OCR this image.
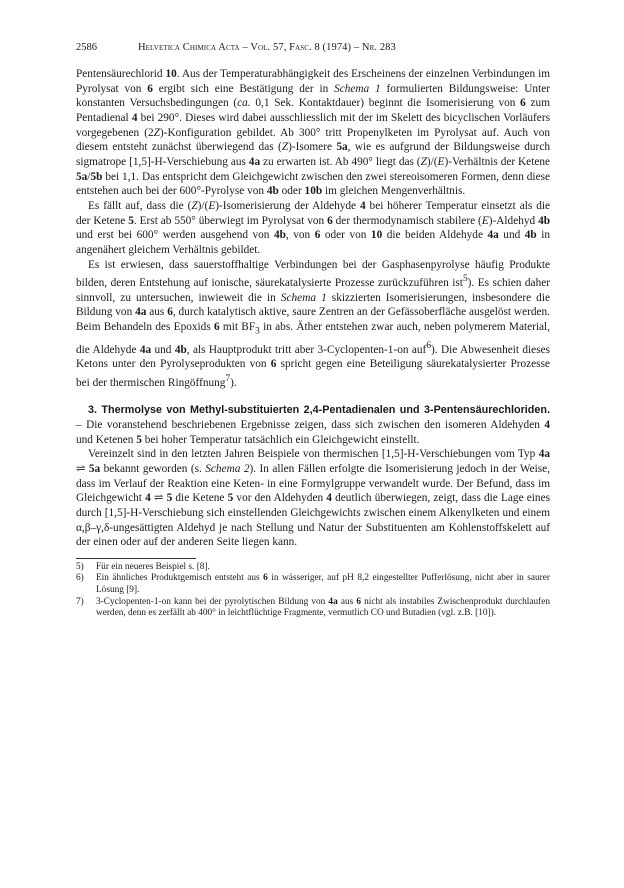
2586	Helvetica Chimica Acta – Vol. 57, Fasc. 8 (1974) – Nr. 283

Pentensäurechlorid 10. Aus der Temperaturabhängigkeit des Erscheinens der einzelnen Verbindungen im Pyrolysat von 6 ergibt sich eine Bestätigung der in Schema 1 formulierten Bildungsweise: Unter konstanten Versuchsbedingungen (ca. 0,1 Sek. Kontaktdauer) beginnt die Isomerisierung von 6 zum Pentadienal 4 bei 290°. Dieses wird dabei ausschliesslich mit der im Skelett des bicyclischen Vorläufers vorgegebenen (2Z)-Konfiguration gebildet. Ab 300° tritt Propenylketen im Pyrolysat auf. Auch von diesem entsteht zunächst überwiegend das (Z)-Isomere 5a, wie es aufgrund der Bildungsweise durch sigmatrope [1,5]-H-Verschiebung aus 4a zu erwarten ist. Ab 490° liegt das (Z)/(E)-Verhältnis der Ketene 5a/5b bei 1,1. Das entspricht dem Gleichgewicht zwischen den zwei stereoisomeren Formen, denn diese entstehen auch bei der 600°-Pyrolyse von 4b oder 10b im gleichen Mengenverhältnis.

Es fällt auf, dass die (Z)/(E)-Isomerisierung der Aldehyde 4 bei höherer Temperatur einsetzt als die der Ketene 5. Erst ab 550° überwiegt im Pyrolysat von 6 der thermodynamisch stabilere (E)-Aldehyd 4b und erst bei 600° werden ausgehend von 4b, von 6 oder von 10 die beiden Aldehyde 4a und 4b in angenähert gleichem Verhältnis gebildet.

Es ist erwiesen, dass sauerstoffhaltige Verbindungen bei der Gasphasenpyrolyse häufig Produkte bilden, deren Entstehung auf ionische, säurekatalysierte Prozesse zurückzuführen ist$^5$). Es schien daher sinnvoll, zu untersuchen, inwieweit die in Schema 1 skizzierten Isomerisierungen, insbesondere die Bildung von 4a aus 6, durch katalytisch aktive, saure Zentren an der Gefässoberfläche ausgelöst werden. Beim Behandeln des Epoxids 6 mit $BF_3$ in abs. Äther entstehen zwar auch, neben polymerem Material, die Aldehyde 4a und 4b, als Hauptprodukt tritt aber 3-Cyclopenten-1-on auf$^6$). Die Abwesenheit dieses Ketons unter den Pyrolyseprodukten von 6 spricht gegen eine Beteiligung säurekatalysierter Prozesse bei der thermischen Ringöffnung$^7$).

3. Thermolyse von Methyl-substituierten 2,4-Pentadienalen und 3-Pentensäurechloriden. – Die voranstehend beschriebenen Ergebnisse zeigen, dass sich zwischen den isomeren Aldehyden 4 und Ketenen 5 bei hoher Temperatur tatsächlich ein Gleichgewicht einstellt.

Vereinzelt sind in den letzten Jahren Beispiele von thermischen [1,5]-H-Verschiebungen vom Typ 4a ⇌ 5a bekannt geworden (s. Schema 2). In allen Fällen erfolgte die Isomerisierung jedoch in der Weise, dass im Verlauf der Reaktion eine Keten- in eine Formylgruppe verwandelt wurde. Der Befund, dass im Gleichgewicht 4 ⇌ 5 die Ketene 5 vor den Aldehyden 4 deutlich überwiegen, zeigt, dass die Lage eines durch [1,5]-H-Verschiebung sich einstellenden Gleichgewichts zwischen einem Alkenylketen und einem α,β–γ,δ-ungesättigten Aldehyd je nach Stellung und Natur der Substituenten am Kohlenstoffskelett auf der einen oder auf der anderen Seite liegen kann.

5)	Für ein neueres Beispiel s. [8].
6)	Ein ähnliches Produktgemisch entsteht aus 6 in wässeriger, auf pH 8,2 eingestellter Pufferlösung, nicht aber in saurer Lösung [9].
7)	3-Cyclopenten-1-on kann bei der pyrolytischen Bildung von 4a aus 6 nicht als instabiles Zwischenprodukt durchlaufen werden, denn es zerfällt ab 400° in leichtflüchtige Fragmente, vermutlich CO und Butadien (vgl. z.B. [10]).
